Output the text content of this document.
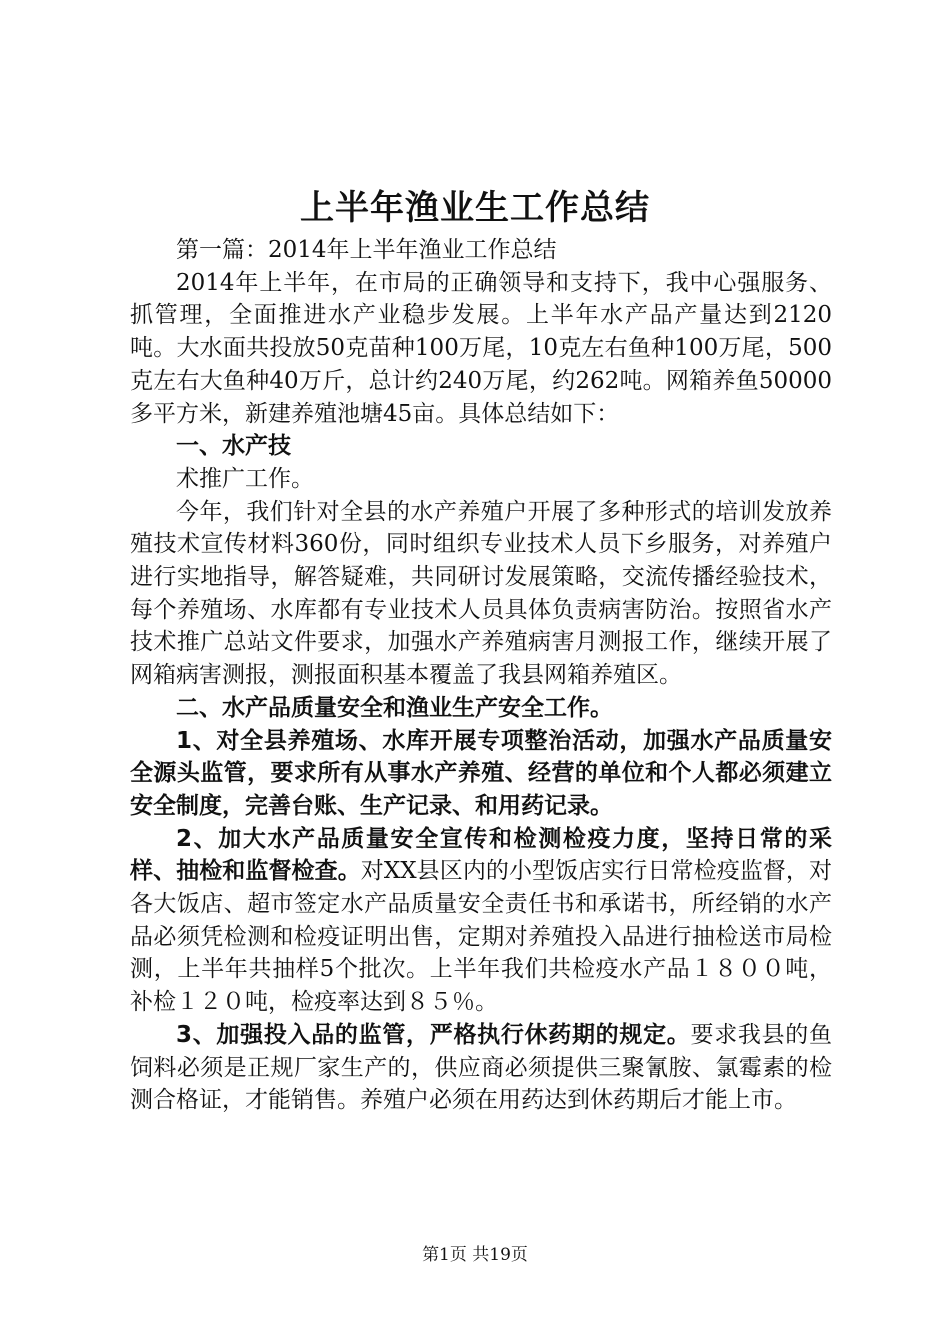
上半年渔业生工作总结

第一篇：2014年上半年渔业工作总结

2014年上半年，在市局的正确领导和支持下，我中心强服务、抓管理，全面推进水产业稳步发展。上半年水产品产量达到2120吨。大水面共投放50克苗种100万尾，10克左右鱼种100万尾，500克左右大鱼种40万斤，总计约240万尾，约262吨。网箱养鱼50000多平方米，新建养殖池塘45亩。具体总结如下：

一、水产技

术推广工作。

今年，我们针对全县的水产养殖户开展了多种形式的培训发放养殖技术宣传材料360份，同时组织专业技术人员下乡服务，对养殖户进行实地指导，解答疑难，共同研讨发展策略，交流传播经验技术，每个养殖场、水库都有专业技术人员具体负责病害防治。按照省水产技术推广总站文件要求，加强水产养殖病害月测报工作，继续开展了网箱病害测报，测报面积基本覆盖了我县网箱养殖区。

二、水产品质量安全和渔业生产安全工作。

1、对全县养殖场、水库开展专项整治活动，加强水产品质量安全源头监管，要求所有从事水产养殖、经营的单位和个人都必须建立安全制度，完善台账、生产记录、和用药记录。

2、加大水产品质量安全宣传和检测检疫力度，坚持日常的采样、抽检和监督检查。对XX县区内的小型饭店实行日常检疫监督，对各大饭店、超市签定水产品质量安全责任书和承诺书，所经销的水产品必须凭检测和检疫证明出售，定期对养殖投入品进行抽检送市局检测，上半年共抽样5个批次。上半年我们共检疫水产品１８００吨，补检１２０吨，检疫率达到８５％。

3、加强投入品的监管，严格执行休药期的规定。要求我县的鱼饲料必须是正规厂家生产的，供应商必须提供三聚氰胺、氯霉素的检测合格证，才能销售。养殖户必须在用药达到休药期后才能上市。

第1页 共19页
